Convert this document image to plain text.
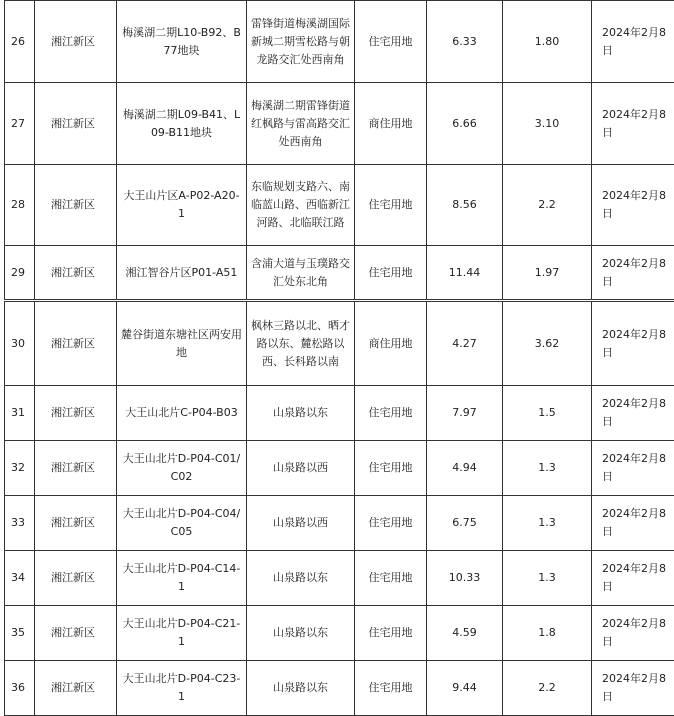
26	湘江新区	梅溪湖二期L10-B92、B77地块	雷锋街道梅溪湖国际新城二期雪松路与朝龙路交汇处西南角	住宅用地	6.33	1.80	2024年2月8日
27	湘江新区	梅溪湖二期L09-B41、L09-B11地块	梅溪湖二期雷锋街道红枫路与雷高路交汇处西南角	商住用地	6.66	3.10	2024年2月8日
28	湘江新区	大王山片区A-P02-A20-1	东临规划支路六、南临蓝山路、西临新江河路、北临联江路	住宅用地	8.56	2.2	2024年2月8日
29	湘江新区	湘江智谷片区P01-A51	含浦大道与玉璞路交汇处东北角	住宅用地	11.44	1.97	2024年2月8日
30	湘江新区	麓谷街道东塘社区两安用地	枫林三路以北、晒才路以东、麓松路以西、长科路以南	商住用地	4.27	3.62	2024年2月8日
31	湘江新区	大王山北片C-P04-B03	山泉路以东	住宅用地	7.97	1.5	2024年2月8日
32	湘江新区	大王山北片D-P04-C01/C02	山泉路以西	住宅用地	4.94	1.3	2024年2月8日
33	湘江新区	大王山北片D-P04-C04/C05	山泉路以西	住宅用地	6.75	1.3	2024年2月8日
34	湘江新区	大王山北片D-P04-C14-1	山泉路以东	住宅用地	10.33	1.3	2024年2月8日
35	湘江新区	大王山北片D-P04-C21-1	山泉路以东	住宅用地	4.59	1.8	2024年2月8日
36	湘江新区	大王山北片D-P04-C23-1	山泉路以东	住宅用地	9.44	2.2	2024年2月8日
